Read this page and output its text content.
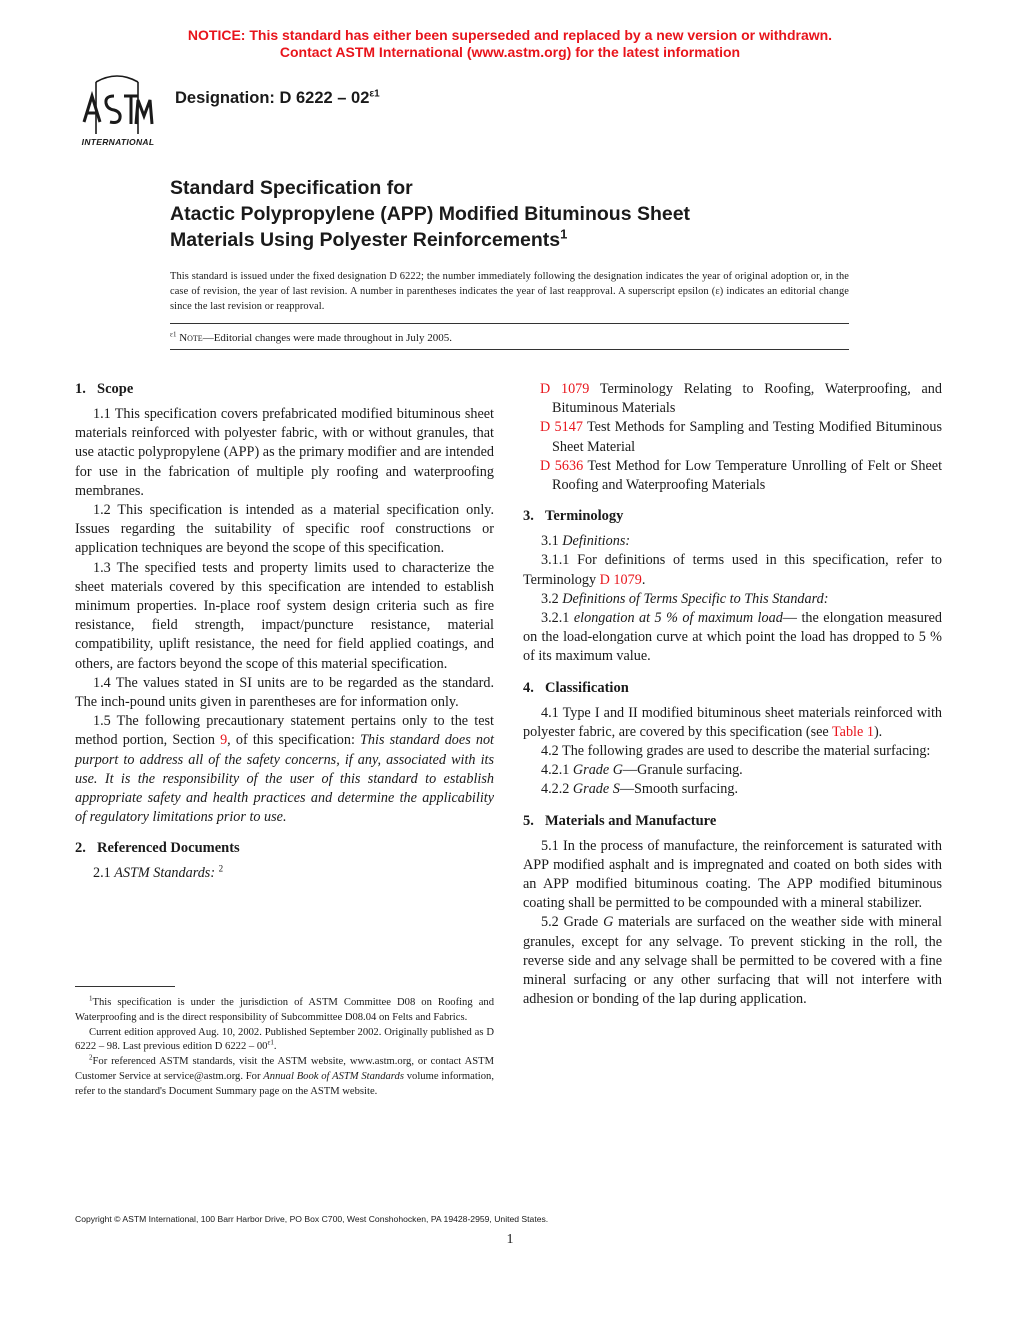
NOTICE: This standard has either been superseded and replaced by a new version or withdrawn.
Contact ASTM International (www.astm.org) for the latest information
INTERNATIONAL
Designation: D $6222 - 02^{\varepsilon 1}$
Standard Specification for
Atactic Polypropylene (APP) Modified Bituminous Sheet
Materials Using Polyester Reinforcements$^1$
This standard is issued under the fixed designation D 6222; the number immediately following the designation indicates the year of original adoption or, in the case of revision, the year of last revision. A number in parentheses indicates the year of last reapproval. A superscript epsilon (ε) indicates an editorial change since the last revision or reapproval.
$^{\varepsilon 1}$ Note—Editorial changes were made throughout in July 2005.
1. Scope

1.1 This specification covers prefabricated modified bituminous sheet materials reinforced with polyester fabric, with or without granules, that use atactic polypropylene (APP) as the primary modifier and are intended for use in the fabrication of multiple ply roofing and waterproofing membranes.

1.2 This specification is intended as a material specification only. Issues regarding the suitability of specific roof constructions or application techniques are beyond the scope of this specification.

1.3 The specified tests and property limits used to characterize the sheet materials covered by this specification are intended to establish minimum properties. In-place roof system design criteria such as fire resistance, field strength, impact/puncture resistance, material compatibility, uplift resistance, the need for field applied coatings, and others, are factors beyond the scope of this material specification.

1.4 The values stated in SI units are to be regarded as the standard. The inch-pound units given in parentheses are for information only.

1.5 The following precautionary statement pertains only to the test method portion, Section 9, of this specification: This standard does not purport to address all of the safety concerns, if any, associated with its use. It is the responsibility of the user of this standard to establish appropriate safety and health practices and determine the applicability of regulatory limitations prior to use.

2. Referenced Documents

2.1 ASTM Standards: $^2$

D 1079 Terminology Relating to Roofing, Waterproofing, and Bituminous Materials

D 5147 Test Methods for Sampling and Testing Modified Bituminous Sheet Material

D 5636 Test Method for Low Temperature Unrolling of Felt or Sheet Roofing and Waterproofing Materials

3. Terminology

3.1 Definitions:

3.1.1 For definitions of terms used in this specification, refer to Terminology D 1079.

3.2 Definitions of Terms Specific to This Standard:

3.2.1 elongation at 5 % of maximum load— the elongation measured on the load-elongation curve at which point the load has dropped to 5 % of its maximum value.

4. Classification

4.1 Type I and II modified bituminous sheet materials reinforced with polyester fabric, are covered by this specification (see Table 1).

4.2 The following grades are used to describe the material surfacing:

4.2.1 Grade G—Granule surfacing.

4.2.2 Grade S—Smooth surfacing.

5. Materials and Manufacture

5.1 In the process of manufacture, the reinforcement is saturated with APP modified asphalt and is impregnated and coated on both sides with an APP modified bituminous coating. The APP modified bituminous coating shall be permitted to be compounded with a mineral stabilizer.

5.2 Grade G materials are surfaced on the weather side with mineral granules, except for any selvage. To prevent sticking in the roll, the reverse side and any selvage shall be permitted to be covered with a fine mineral surfacing or any other surfacing that will not interfere with adhesion or bonding of the lap during application.

$^1$This specification is under the jurisdiction of ASTM Committee D08 on Roofing and Waterproofing and is the direct responsibility of Subcommittee D08.04 on Felts and Fabrics.

Current edition approved Aug. 10, 2002. Published September 2002. Originally published as D 6222 – 98. Last previous edition D $6222 - 00^{\varepsilon 1}$.

$^2$For referenced ASTM standards, visit the ASTM website, www.astm.org, or contact ASTM Customer Service at service@astm.org. For Annual Book of ASTM Standards volume information, refer to the standard's Document Summary page on the ASTM website.

Copyright © ASTM International, 100 Barr Harbor Drive, PO Box C700, West Conshohocken, PA 19428-2959, United States.
1
